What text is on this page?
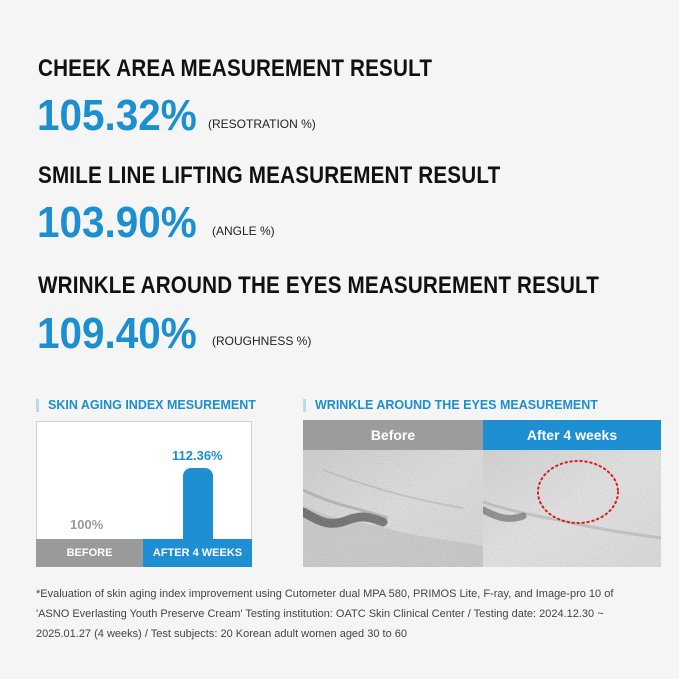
CHEEK AREA MEASUREMENT RESULT
105.32% (RESOTRATION %)
SMILE LINE LIFTING MEASUREMENT RESULT
103.90% (ANGLE %)
WRINKLE AROUND THE EYES MEASUREMENT RESULT
109.40% (ROUGHNESS %)
SKIN AGING INDEX MESUREMENT
100%
112.36%
BEFORE	AFTER 4 WEEKS
WRINKLE AROUND THE EYES MEASUREMENT
Before	After 4 weeks
*Evaluation of skin aging index improvement using Cutometer dual MPA 580, PRIMOS Lite, F-ray, and Image-pro 10 of 'ASNO Everlasting Youth Preserve Cream' Testing institution: OATC Skin Clinical Center / Testing date: 2024.12.30 ~ 2025.01.27 (4 weeks) / Test subjects: 20 Korean adult women aged 30 to 60
